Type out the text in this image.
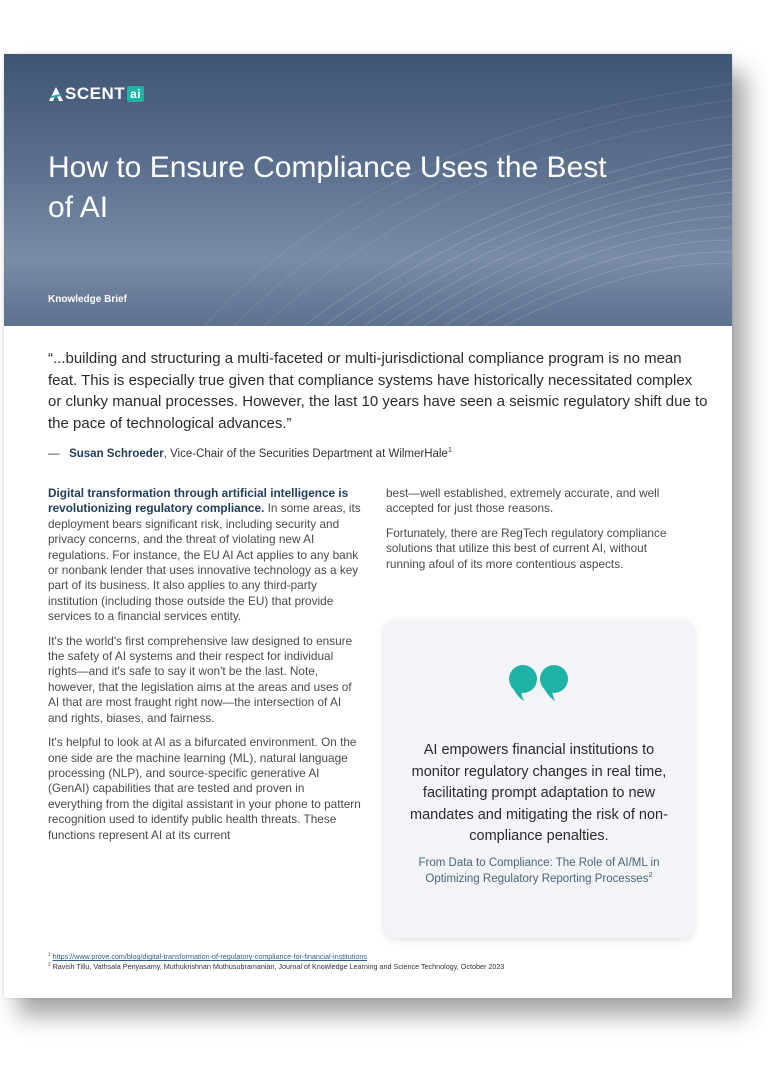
SCENT ai
How to Ensure Compliance Uses the Best of AI
Knowledge Brief

“...building and structuring a multi-faceted or multi-jurisdictional compliance program is no mean feat. This is especially true given that compliance systems have historically necessitated complex or clunky manual processes. However, the last 10 years have seen a seismic regulatory shift due to the pace of technological advances.”

— Susan Schroeder, Vice-Chair of the Securities Department at WilmerHale$^1$

Digital transformation through artificial intelligence is revolutionizing regulatory compliance. In some areas, its deployment bears significant risk, including security and privacy concerns, and the threat of violating new AI regulations. For instance, the EU AI Act applies to any bank or nonbank lender that uses innovative technology as a key part of its business. It also applies to any third-party institution (including those outside the EU) that provide services to a financial services entity.

It's the world's first comprehensive law designed to ensure the safety of AI systems and their respect for individual rights—and it's safe to say it won't be the last. Note, however, that the legislation aims at the areas and uses of AI that are most fraught right now—the intersection of AI and rights, biases, and fairness.

It's helpful to look at AI as a bifurcated environment. On the one side are the machine learning (ML), natural language processing (NLP), and source-specific generative AI (GenAI) capabilities that are tested and proven in everything from the digital assistant in your phone to pattern recognition used to identify public health threats. These functions represent AI at its current

best—well established, extremely accurate, and well accepted for just those reasons.

Fortunately, there are RegTech regulatory compliance solutions that utilize this best of current AI, without running afoul of its more contentious aspects.

AI empowers financial institutions to monitor regulatory changes in real time, facilitating prompt adaptation to new mandates and mitigating the risk of non-compliance penalties.

From Data to Compliance: The Role of AI/ML in Optimizing Regulatory Reporting Processes$^2$
$^1$ https://www.prove.com/blog/digital-transformation-of-regulatory-compliance-for-financial-institutions
$^2$ Ravish Tillu, Vathsala Periyasamy, Muthukrishnan Muthusubramanian, Journal of Knowledge Learning and Science Technology, October 2023
